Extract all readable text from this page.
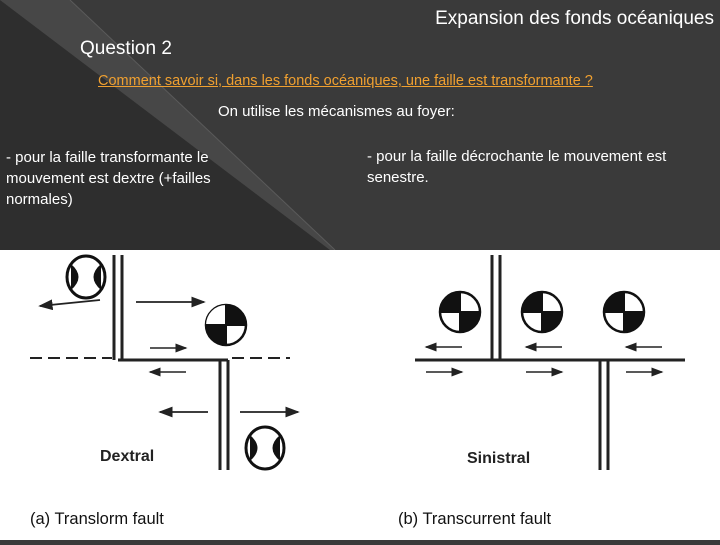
Expansion des fonds océaniques
Question 2
Comment savoir si, dans les fonds océaniques, une faille est transformante ?
On utilise les mécanismes au foyer:
- pour la faille transformante le mouvement est dextre (+failles normales)
- pour la faille décrochante le mouvement est senestre.
Dextral	Sinistral
(a) Translorm fault	(b) Transcurrent fault
